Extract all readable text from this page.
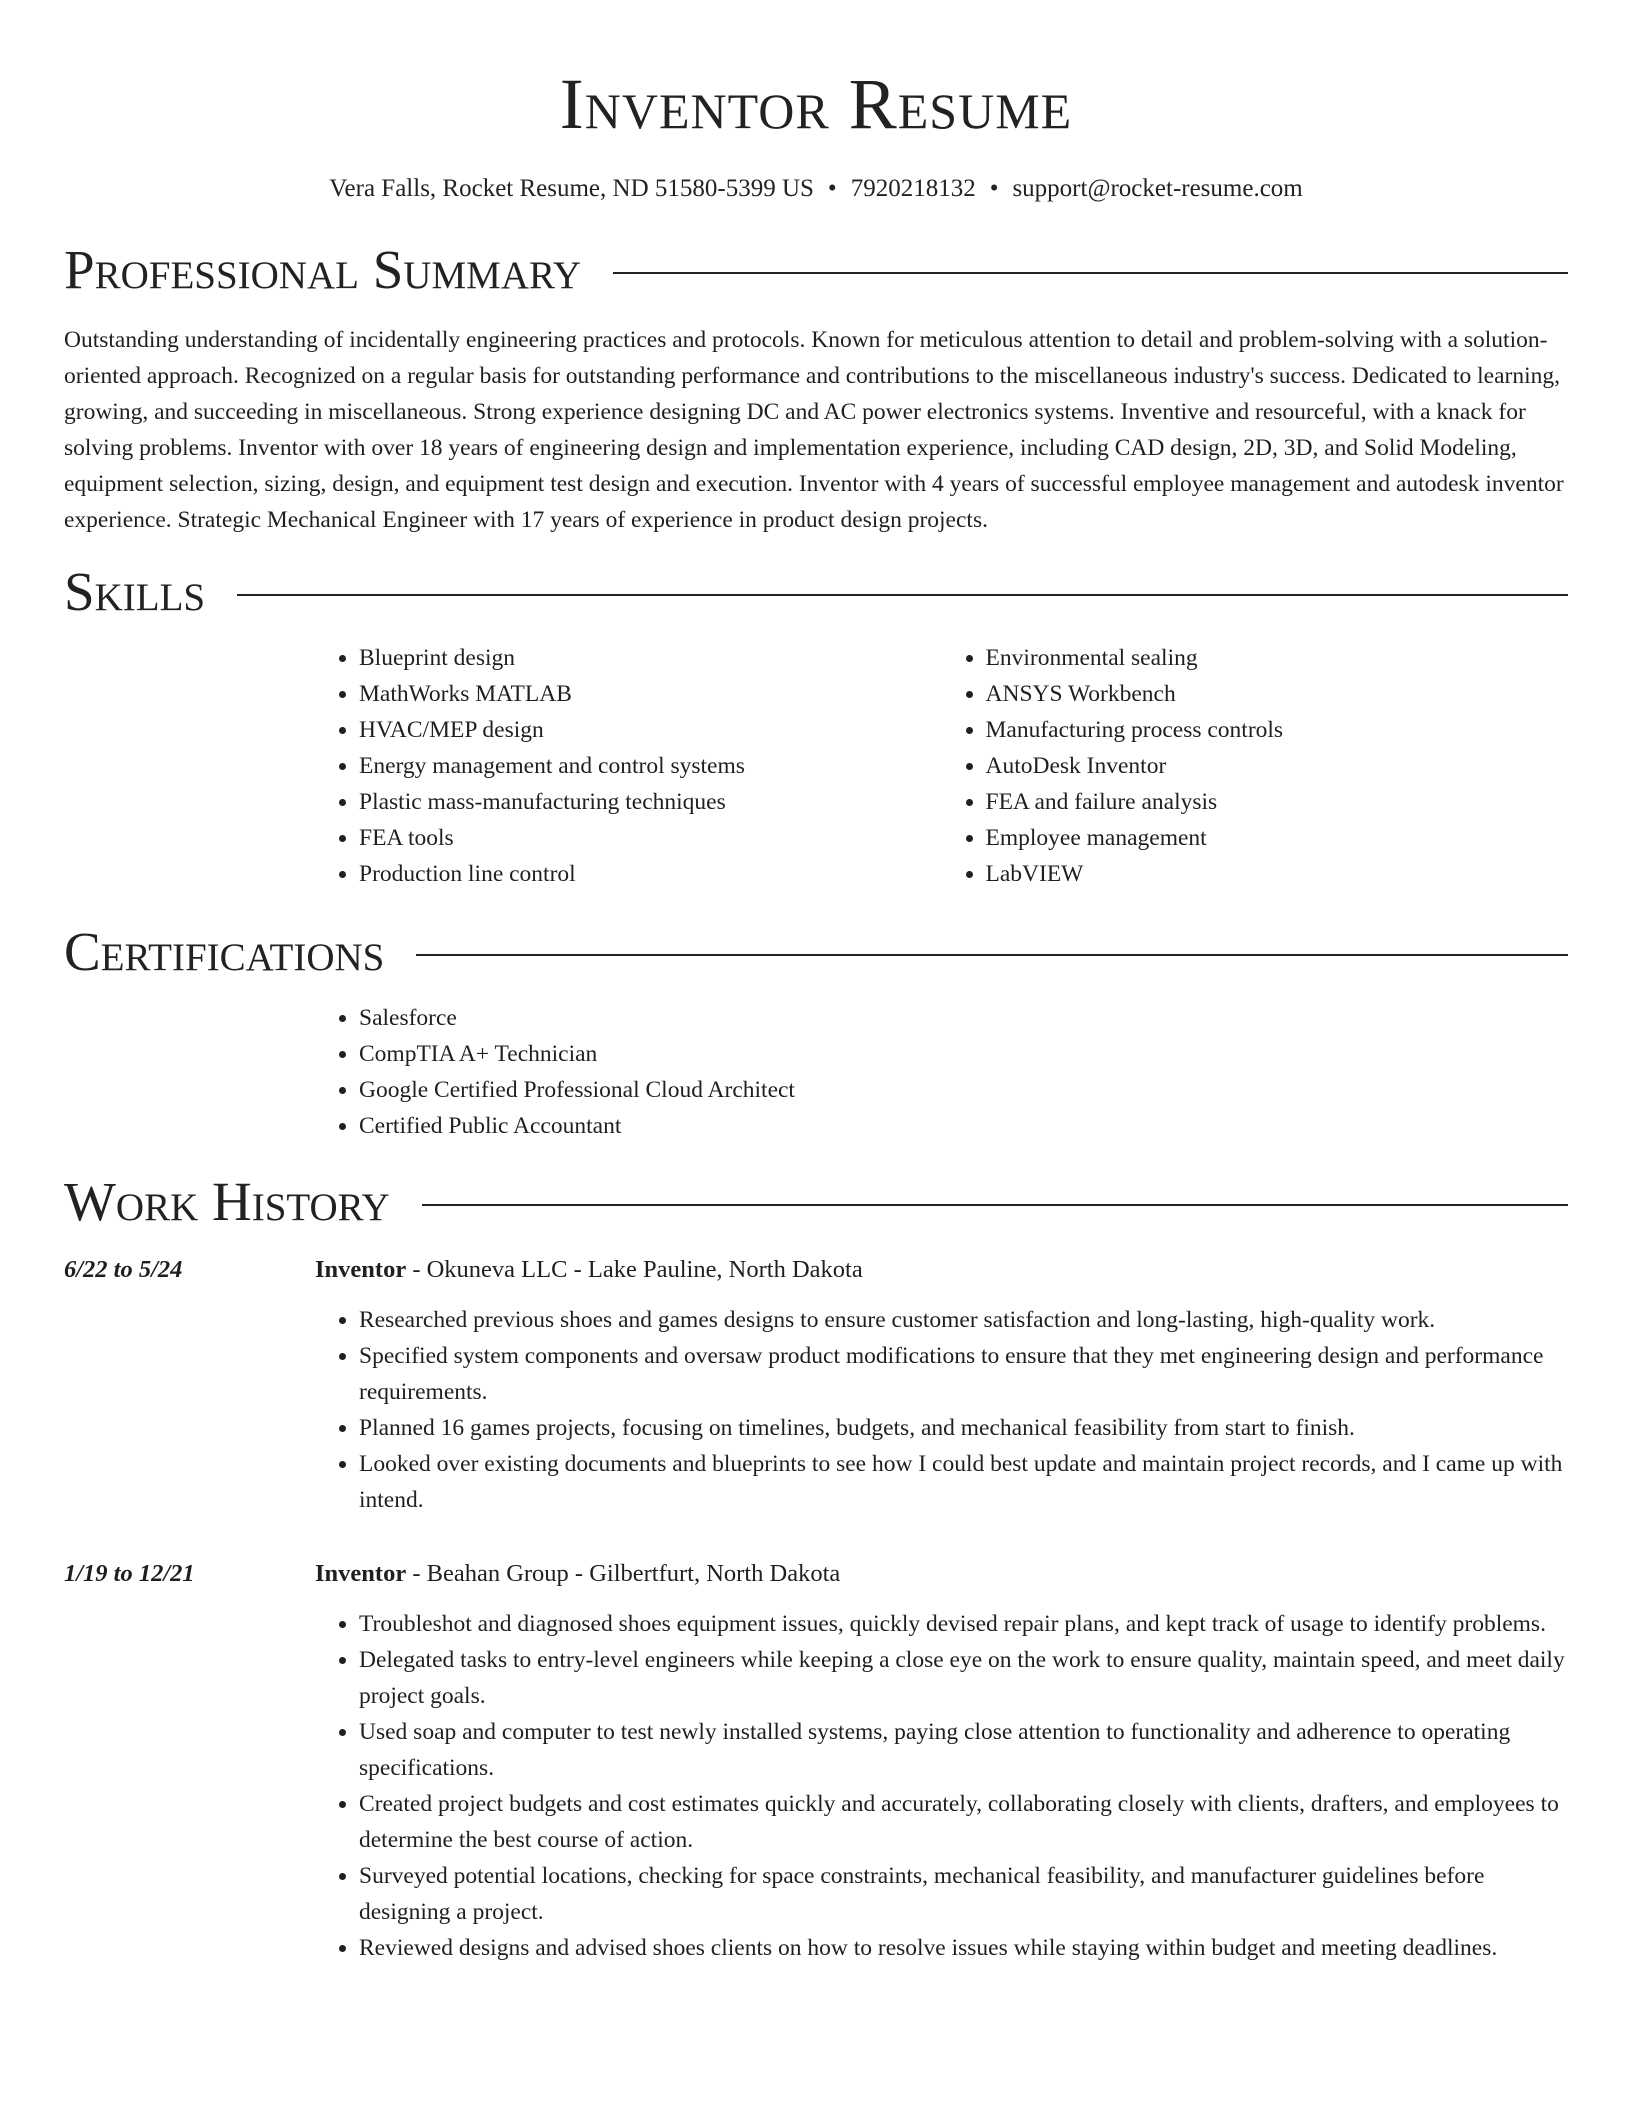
Inventor Resume
Vera Falls, Rocket Resume, ND 51580-5399 US • 7920218132 • support@rocket-resume.com
Professional Summary

Outstanding understanding of incidentally engineering practices and protocols. Known for meticulous attention to detail and problem-solving with a solution-oriented approach. Recognized on a regular basis for outstanding performance and contributions to the miscellaneous industry's success. Dedicated to learning, growing, and succeeding in miscellaneous. Strong experience designing DC and AC power electronics systems. Inventive and resourceful, with a knack for solving problems. Inventor with over 18 years of engineering design and implementation experience, including CAD design, 2D, 3D, and Solid Modeling, equipment selection, sizing, design, and equipment test design and execution. Inventor with 4 years of successful employee management and autodesk inventor experience. Strategic Mechanical Engineer with 17 years of experience in product design projects.

Skills
• Blueprint design
• MathWorks MATLAB
• HVAC/MEP design
• Energy management and control systems
• Plastic mass-manufacturing techniques
• FEA tools
• Production line control
• Environmental sealing
• ANSYS Workbench
• Manufacturing process controls
• AutoDesk Inventor
• FEA and failure analysis
• Employee management
• LabVIEW
Certifications
• Salesforce
• CompTIA A+ Technician
• Google Certified Professional Cloud Architect
• Certified Public Accountant
Work History
6/22 to 5/24	Inventor - Okuneva LLC - Lake Pauline, North Dakota
• Researched previous shoes and games designs to ensure customer satisfaction and long-lasting, high-quality work.
• Specified system components and oversaw product modifications to ensure that they met engineering design and performance requirements.
• Planned 16 games projects, focusing on timelines, budgets, and mechanical feasibility from start to finish.
• Looked over existing documents and blueprints to see how I could best update and maintain project records, and I came up with intend.
1/19 to 12/21	Inventor - Beahan Group - Gilbertfurt, North Dakota
• Troubleshot and diagnosed shoes equipment issues, quickly devised repair plans, and kept track of usage to identify problems.
• Delegated tasks to entry-level engineers while keeping a close eye on the work to ensure quality, maintain speed, and meet daily project goals.
• Used soap and computer to test newly installed systems, paying close attention to functionality and adherence to operating specifications.
• Created project budgets and cost estimates quickly and accurately, collaborating closely with clients, drafters, and employees to determine the best course of action.
• Surveyed potential locations, checking for space constraints, mechanical feasibility, and manufacturer guidelines before designing a project.
• Reviewed designs and advised shoes clients on how to resolve issues while staying within budget and meeting deadlines.
